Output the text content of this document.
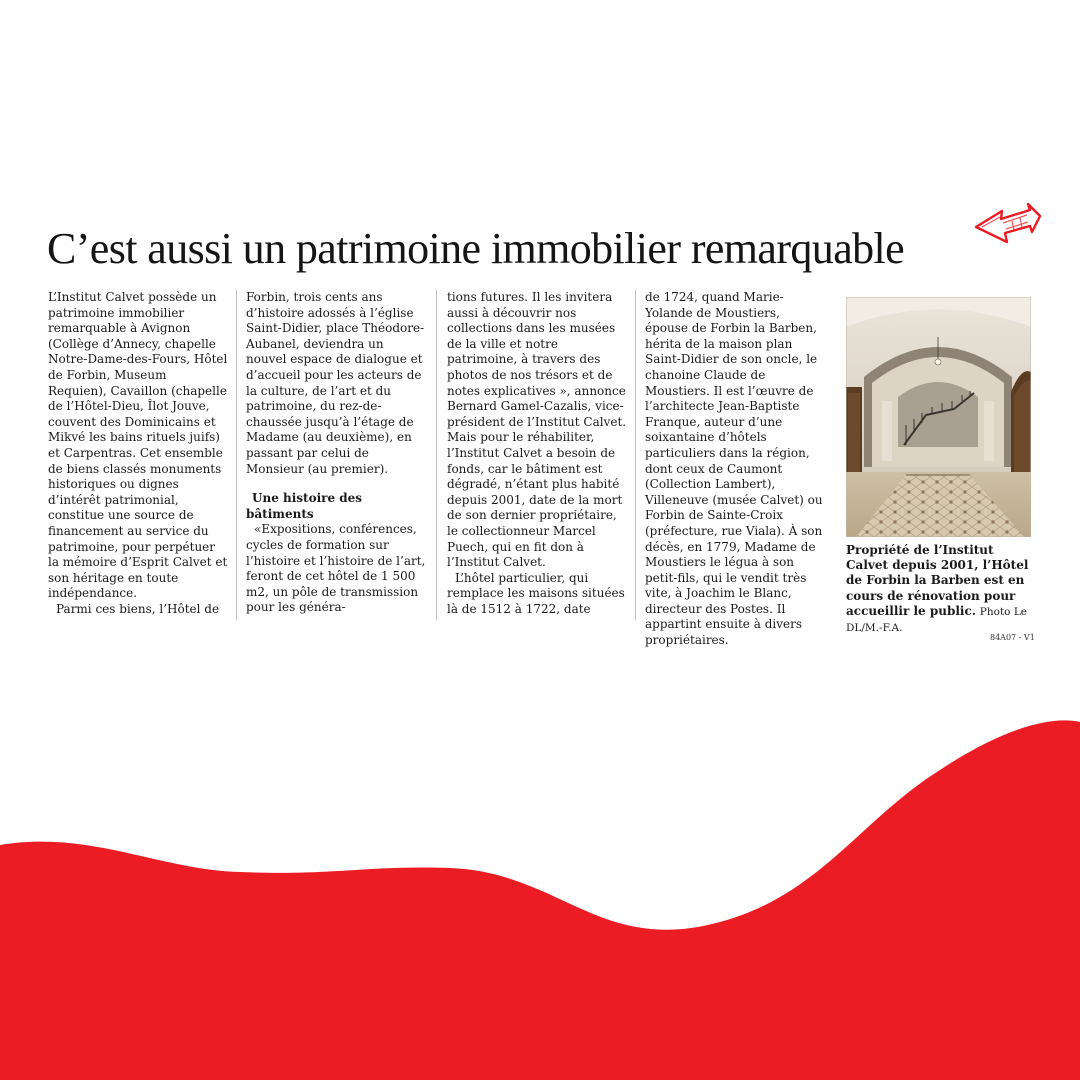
C’est aussi un patrimoine immobilier remarquable

L’Institut Calvet possède un patrimoine immobilier remarquable à Avignon (Collège d’Annecy, chapelle Notre-Dame-des-Fours, Hôtel de Forbin, Museum Requien), Cavaillon (chapelle de l’Hôtel-Dieu, Îlot Jouve, couvent des Dominicains et Mikvé les bains rituels juifs) et Carpentras. Cet ensemble de biens classés monuments historiques ou dignes d’intérêt patrimonial, constitue une source de financement au service du patrimoine, pour perpétuer la mémoire d’Esprit Calvet et son héritage en toute indépendance.

Parmi ces biens, l’Hôtel de

Forbin, trois cents ans d’histoire adossés à l’église Saint-Didier, place Théodore-Aubanel, deviendra un nouvel espace de dialogue et d’accueil pour les acteurs de la culture, de l’art et du patrimoine, du rez-de-chaussée jusqu’à l’étage de Madame (au deuxième), en passant par celui de Monsieur (au premier).

Une histoire des bâtiments

«Expositions, conférences, cycles de formation sur l’histoire et l’histoire de l’art, feront de cet hôtel de 1 500 m2, un pôle de transmission pour les généra-

tions futures. Il les invitera aussi à découvrir nos collections dans les musées de la ville et notre patrimoine, à travers des photos de nos trésors et de notes explicatives », annonce Bernard Gamel-Cazalis, vice-président de l’Institut Calvet. Mais pour le réhabiliter, l’Institut Calvet a besoin de fonds, car le bâtiment est dégradé, n’étant plus habité depuis 2001, date de la mort de son dernier propriétaire, le collectionneur Marcel Puech, qui en fit don à l’Institut Calvet.

L’hôtel particulier, qui remplace les maisons situées là de 1512 à 1722, date

de 1724, quand Marie-Yolande de Moustiers, épouse de Forbin la Barben, hérita de la maison plan Saint-Didier de son oncle, le chanoine Claude de Moustiers. Il est l’œuvre de l’architecte Jean-Baptiste Franque, auteur d’une soixantaine d’hôtels particuliers dans la région, dont ceux de Caumont (Collection Lambert), Villeneuve (musée Calvet) ou Forbin de Sainte-Croix (préfecture, rue Viala). À son décès, en 1779, Madame de Moustiers le légua à son petit-fils, qui le vendit très vite, à Joachim le Blanc, directeur des Postes. Il appartint ensuite à divers propriétaires.

Propriété de l’Institut Calvet depuis 2001, l’Hôtel de Forbin la Barben est en cours de rénovation pour accueillir le public. Photo Le DL/M.-F.A.
84A07 - V1
